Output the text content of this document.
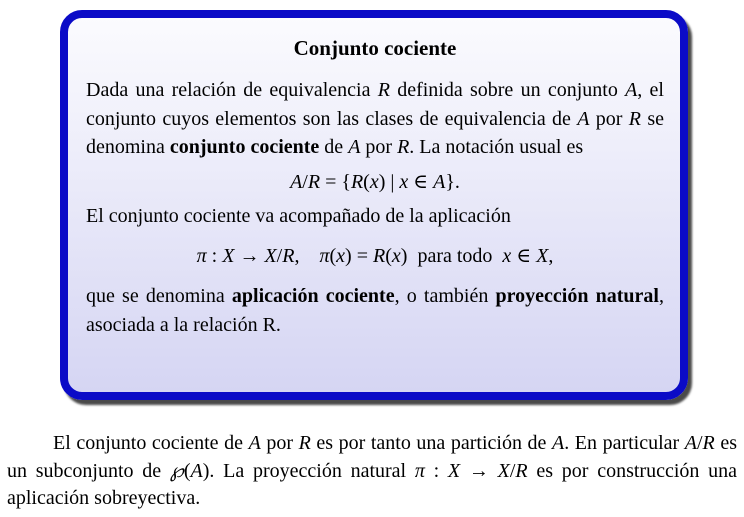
Conjunto cociente

Dada una relación de equivalencia R definida sobre un conjunto A, el conjunto cuyos elementos son las clases de equivalencia de A por R se denomina conjunto cociente de A por R. La notación usual es

A/R = {R(x) | x ∈ A}.

El conjunto cociente va acompañado de la aplicación

π : X → X/R,    π(x) = R(x)  para todo  x ∈ X,

que se denomina aplicación cociente, o también proyección natural, asociada a la relación R.

El conjunto cociente de A por R es por tanto una partición de A. En particular A/R es un subconjunto de ℘(A). La proyección natural π : X → X/R es por construcción una aplicación sobreyectiva.
